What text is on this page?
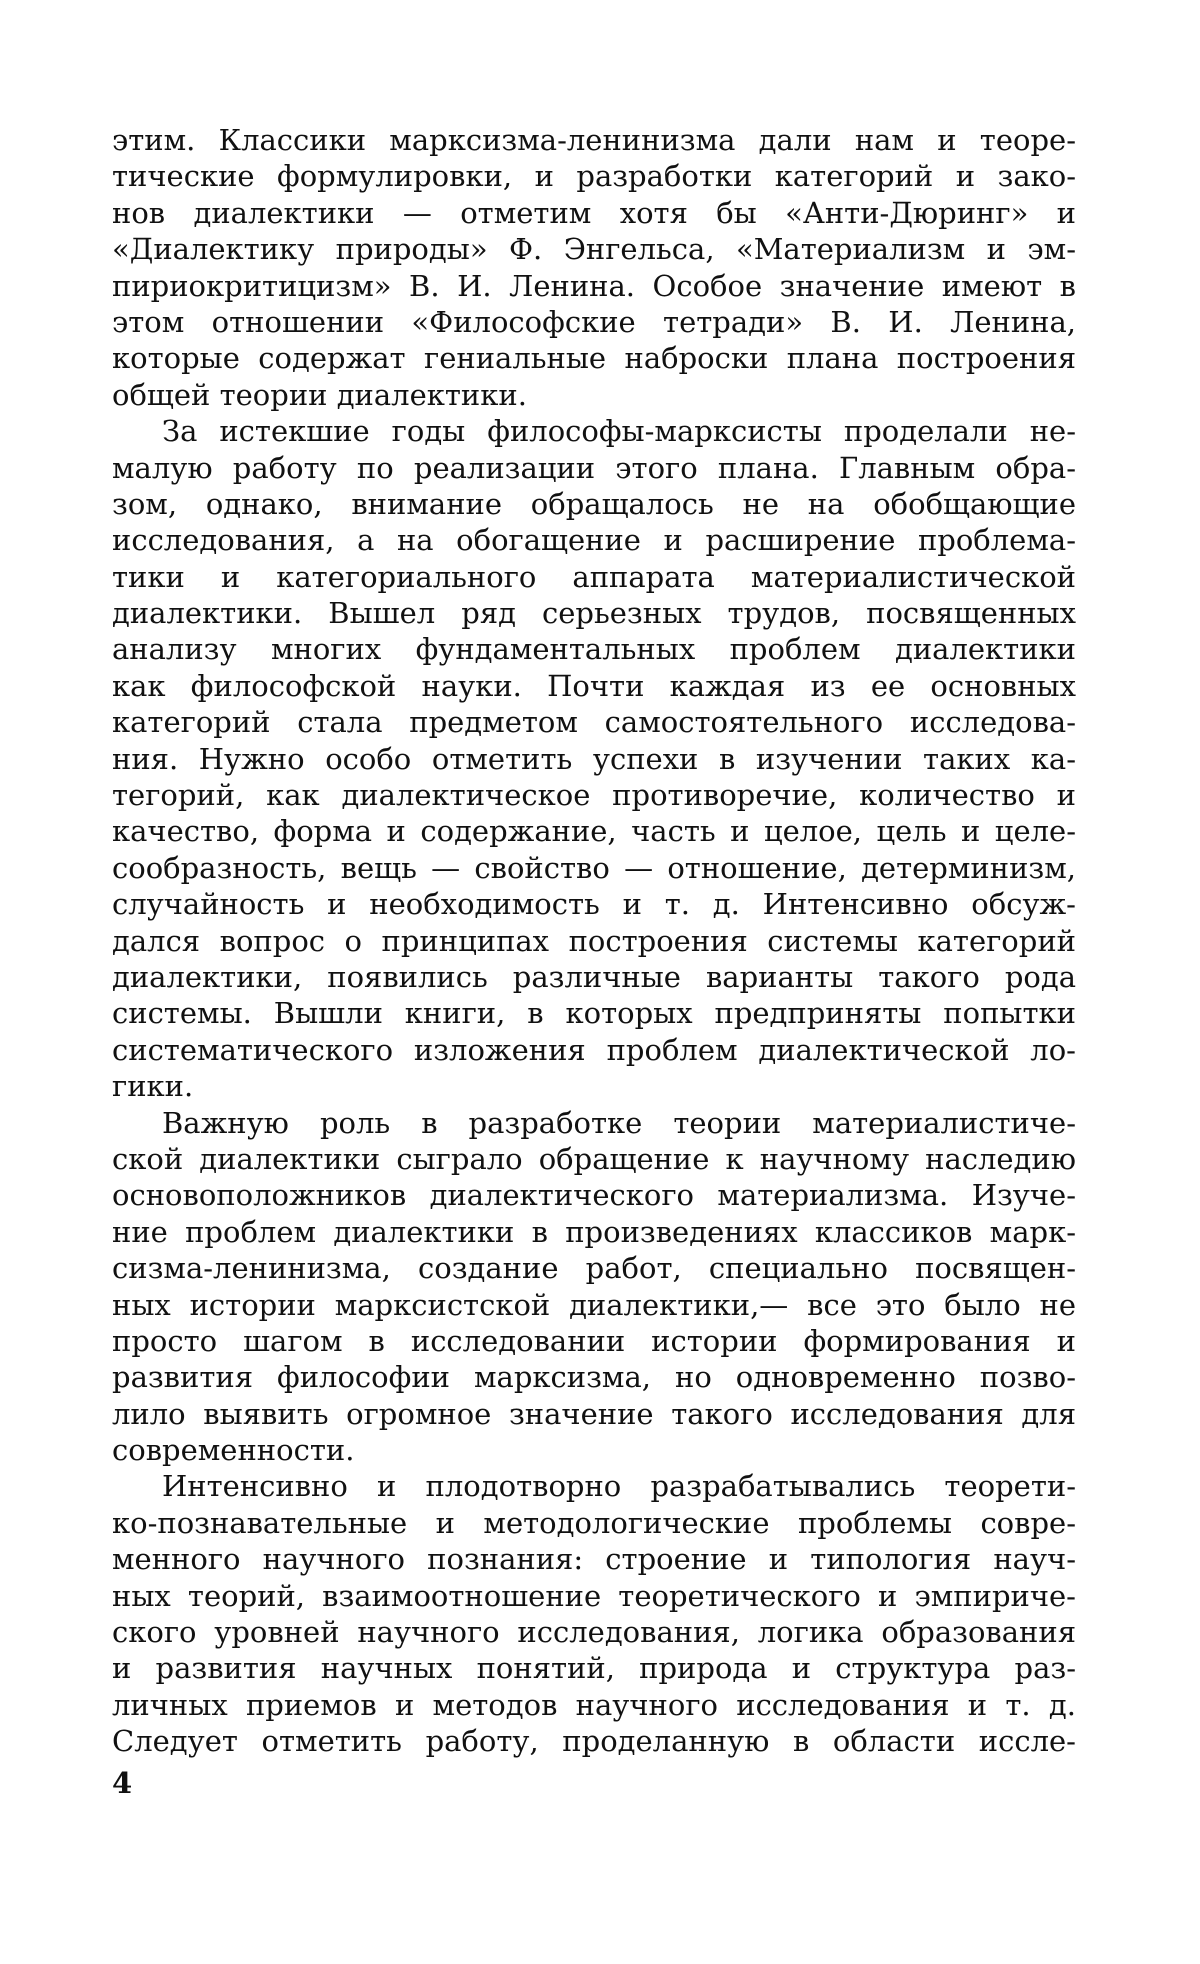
этим. Классики марксизма-ленинизма дали нам и теоре-
тические формулировки, и разработки категорий и зако-
нов диалектики — отметим хотя бы «Анти-Дюринг» и
«Диалектику природы» Ф. Энгельса, «Материализм и эм-
пириокритицизм» В. И. Ленина. Особое значение имеют в
этом отношении «Философские тетради» В. И. Ленина,
которые содержат гениальные наброски плана построения
общей теории диалектики.
За истекшие годы философы-марксисты проделали не-
малую работу по реализации этого плана. Главным обра-
зом, однако, внимание обращалось не на обобщающие
исследования, а на обогащение и расширение проблема-
тики и категориального аппарата материалистической
диалектики. Вышел ряд серьезных трудов, посвященных
анализу многих фундаментальных проблем диалектики
как философской науки. Почти каждая из ее основных
категорий стала предметом самостоятельного исследова-
ния. Нужно особо отметить успехи в изучении таких ка-
тегорий, как диалектическое противоречие, количество и
качество, форма и содержание, часть и целое, цель и целе-
сообразность, вещь — свойство — отношение, детерминизм,
случайность и необходимость и т. д. Интенсивно обсуж-
дался вопрос о принципах построения системы категорий
диалектики, появились различные варианты такого рода
системы. Вышли книги, в которых предприняты попытки
систематического изложения проблем диалектической ло-
гики.
Важную роль в разработке теории материалистиче-
ской диалектики сыграло обращение к научному наследию
основоположников диалектического материализма. Изуче-
ние проблем диалектики в произведениях классиков марк-
сизма-ленинизма, создание работ, специально посвящен-
ных истории марксистской диалектики,— все это было не
просто шагом в исследовании истории формирования и
развития философии марксизма, но одновременно позво-
лило выявить огромное значение такого исследования для
современности.
Интенсивно и плодотворно разрабатывались теорети-
ко-познавательные и методологические проблемы совре-
менного научного познания: строение и типология науч-
ных теорий, взаимоотношение теоретического и эмпириче-
ского уровней научного исследования, логика образования
и развития научных понятий, природа и структура раз-
личных приемов и методов научного исследования и т. д.
Следует отметить работу, проделанную в области иссле-
4
